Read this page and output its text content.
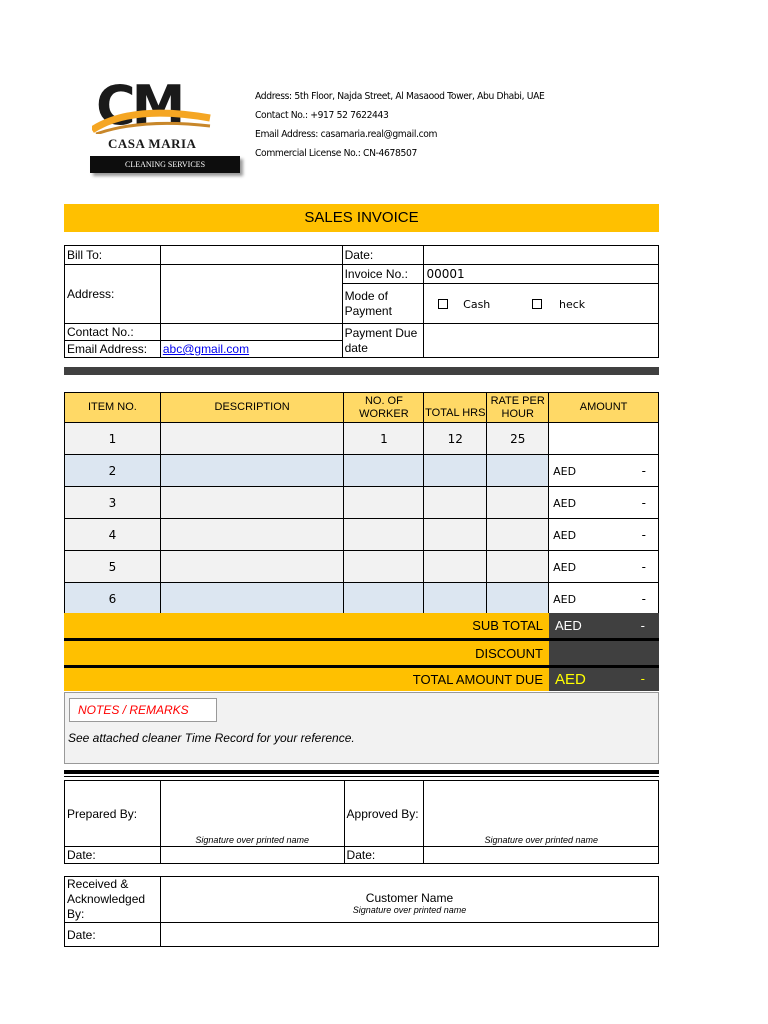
CM
CASA MARIA
CLEANING SERVICES
Address: 5th Floor, Najda Street, Al Masaood Tower, Abu Dhabi, UAE
Contact No.: +917 52 7622443
Email Address: casamaria.real@gmail.com
Commercial License No.: CN-4678507
SALES INVOICE
Bill To:		Date:	
Address:		Invoice No.:	00001
		Mode of Payment	Cash heck

Contact No.:		Payment Due date	
Email Address:	abc@gmail.com		
ITEM NO.	DESCRIPTION	NO. OF WORKER	TOTAL HRS	RATE PER HOUR	AMOUNT
1		1	12	25	

2					AED -

3					AED -

4					AED -

5					AED -

6					AED -
SUB TOTAL	AED -

DISCOUNT	

TOTAL AMOUNT DUE	AED -
NOTES / REMARKS
See attached cleaner Time Record for your reference.
Prepared By:	Signature over printed name	Approved By:	Signature over printed name

Date:		Date:	
Received & Acknowledged By:	Customer Name
Signature over printed name

Date:	
